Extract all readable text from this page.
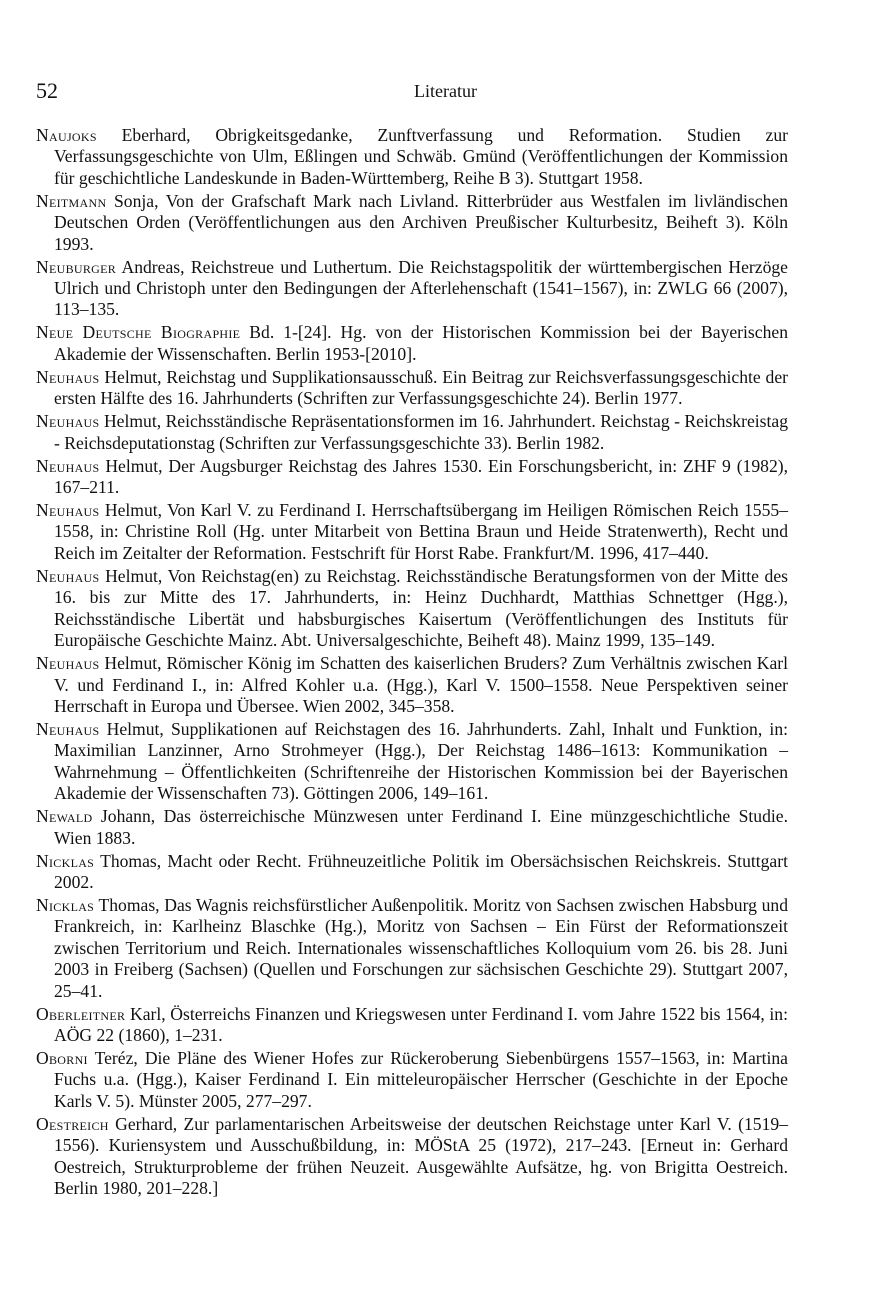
52	Literatur

Naujoks Eberhard, Obrigkeitsgedanke, Zunftverfassung und Reformation. Studien zur Verfassungsgeschichte von Ulm, Eßlingen und Schwäb. Gmünd (Veröffentlichungen der Kommission für geschichtliche Landeskunde in Baden-Württemberg, Reihe B 3). Stuttgart 1958.

Neitmann Sonja, Von der Grafschaft Mark nach Livland. Ritterbrüder aus Westfalen im livländischen Deutschen Orden (Veröffentlichungen aus den Archiven Preußischer Kulturbesitz, Beiheft 3). Köln 1993.

Neuburger Andreas, Reichstreue und Luthertum. Die Reichstagspolitik der württembergischen Herzöge Ulrich und Christoph unter den Bedingungen der Afterlehenschaft (1541–1567), in: ZWLG 66 (2007), 113–135.

Neue Deutsche Biographie Bd. 1-[24]. Hg. von der Historischen Kommission bei der Bayerischen Akademie der Wissenschaften. Berlin 1953-[2010].

Neuhaus Helmut, Reichstag und Supplikationsausschuß. Ein Beitrag zur Reichsverfassungsgeschichte der ersten Hälfte des 16. Jahrhunderts (Schriften zur Verfassungsgeschichte 24). Berlin 1977.

Neuhaus Helmut, Reichsständische Repräsentationsformen im 16. Jahrhundert. Reichstag - Reichskreistag - Reichsdeputationstag (Schriften zur Verfassungsgeschichte 33). Berlin 1982.

Neuhaus Helmut, Der Augsburger Reichstag des Jahres 1530. Ein Forschungsbericht, in: ZHF 9 (1982), 167–211.

Neuhaus Helmut, Von Karl V. zu Ferdinand I. Herrschaftsübergang im Heiligen Römischen Reich 1555–1558, in: Christine Roll (Hg. unter Mitarbeit von Bettina Braun und Heide Stratenwerth), Recht und Reich im Zeitalter der Reformation. Festschrift für Horst Rabe. Frankfurt/M. 1996, 417–440.

Neuhaus Helmut, Von Reichstag(en) zu Reichstag. Reichsständische Beratungsformen von der Mitte des 16. bis zur Mitte des 17. Jahrhunderts, in: Heinz Duchhardt, Matthias Schnettger (Hgg.), Reichsständische Libertät und habsburgisches Kaisertum (Veröffentlichungen des Instituts für Europäische Geschichte Mainz. Abt. Universalgeschichte, Beiheft 48). Mainz 1999, 135–149.

Neuhaus Helmut, Römischer König im Schatten des kaiserlichen Bruders? Zum Verhältnis zwischen Karl V. und Ferdinand I., in: Alfred Kohler u.a. (Hgg.), Karl V. 1500–1558. Neue Perspektiven seiner Herrschaft in Europa und Übersee. Wien 2002, 345–358.

Neuhaus Helmut, Supplikationen auf Reichstagen des 16. Jahrhunderts. Zahl, Inhalt und Funktion, in: Maximilian Lanzinner, Arno Strohmeyer (Hgg.), Der Reichstag 1486–1613: Kommunikation – Wahrnehmung – Öffentlichkeiten (Schriftenreihe der Historischen Kommission bei der Bayerischen Akademie der Wissenschaften 73). Göttingen 2006, 149–161.

Newald Johann, Das österreichische Münzwesen unter Ferdinand I. Eine münzgeschichtliche Studie. Wien 1883.

Nicklas Thomas, Macht oder Recht. Frühneuzeitliche Politik im Obersächsischen Reichskreis. Stuttgart 2002.

Nicklas Thomas, Das Wagnis reichsfürstlicher Außenpolitik. Moritz von Sachsen zwischen Habsburg und Frankreich, in: Karlheinz Blaschke (Hg.), Moritz von Sachsen – Ein Fürst der Reformationszeit zwischen Territorium und Reich. Internationales wissenschaftliches Kolloquium vom 26. bis 28. Juni 2003 in Freiberg (Sachsen) (Quellen und Forschungen zur sächsischen Geschichte 29). Stuttgart 2007, 25–41.

Oberleitner Karl, Österreichs Finanzen und Kriegswesen unter Ferdinand I. vom Jahre 1522 bis 1564, in: AÖG 22 (1860), 1–231.

Oborni Teréz, Die Pläne des Wiener Hofes zur Rückeroberung Siebenbürgens 1557–1563, in: Martina Fuchs u.a. (Hgg.), Kaiser Ferdinand I. Ein mitteleuropäischer Herrscher (Geschichte in der Epoche Karls V. 5). Münster 2005, 277–297.

Oestreich Gerhard, Zur parlamentarischen Arbeitsweise der deutschen Reichstage unter Karl V. (1519–1556). Kuriensystem und Ausschußbildung, in: MÖStA 25 (1972), 217–243. [Erneut in: Gerhard Oestreich, Strukturprobleme der frühen Neuzeit. Ausgewählte Aufsätze, hg. von Brigitta Oestreich. Berlin 1980, 201–228.]
